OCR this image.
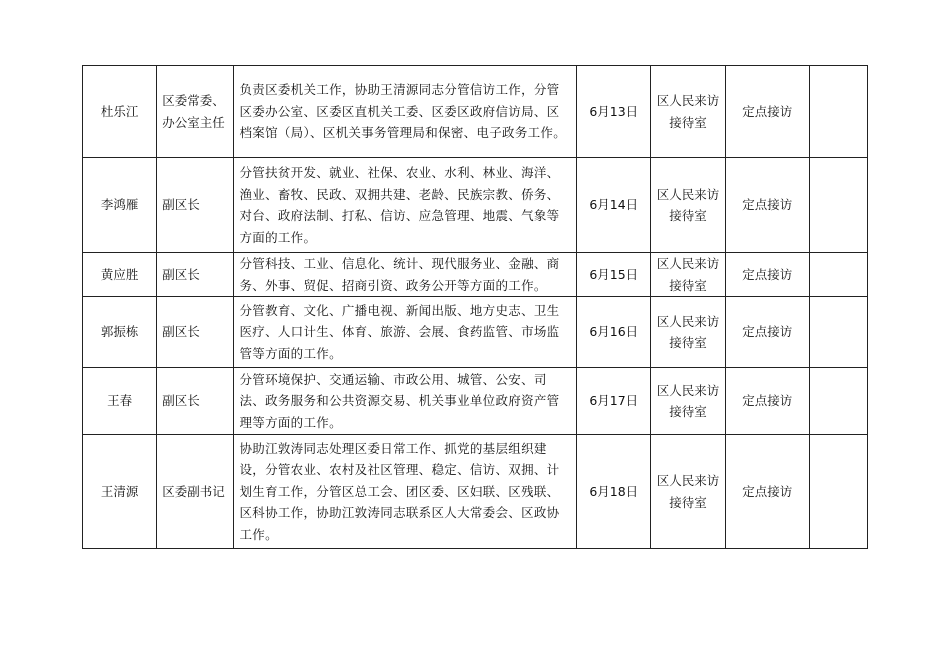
杜乐江	区委常委、办公室主任	负责区委机关工作，协助王清源同志分管信访工作，分管区委办公室、区委区直机关工委、区委区政府信访局、区档案馆（局）、区机关事务管理局和保密、电子政务工作。	6月13日	区人民来访接待室	定点接访	
李鸿雁	副区长	分管扶贫开发、就业、社保、农业、水利、林业、海洋、渔业、畜牧、民政、双拥共建、老龄、民族宗教、侨务、对台、政府法制、打私、信访、应急管理、地震、气象等方面的工作。	6月14日	区人民来访接待室	定点接访	
黄应胜	副区长	分管科技、工业、信息化、统计、现代服务业、金融、商务、外事、贸促、招商引资、政务公开等方面的工作。	6月15日	区人民来访接待室	定点接访	
郭振栋	副区长	分管教育、文化、广播电视、新闻出版、地方史志、卫生医疗、人口计生、体育、旅游、会展、食药监管、市场监管等方面的工作。	6月16日	区人民来访接待室	定点接访	
王春	副区长	分管环境保护、交通运输、市政公用、城管、公安、司法、政务服务和公共资源交易、机关事业单位政府资产管理等方面的工作。	6月17日	区人民来访接待室	定点接访	
王清源	区委副书记	协助江敦涛同志处理区委日常工作、抓党的基层组织建设，分管农业、农村及社区管理、稳定、信访、双拥、计划生育工作，分管区总工会、团区委、区妇联、区残联、区科协工作，协助江敦涛同志联系区人大常委会、区政协工作。	6月18日	区人民来访接待室	定点接访	
